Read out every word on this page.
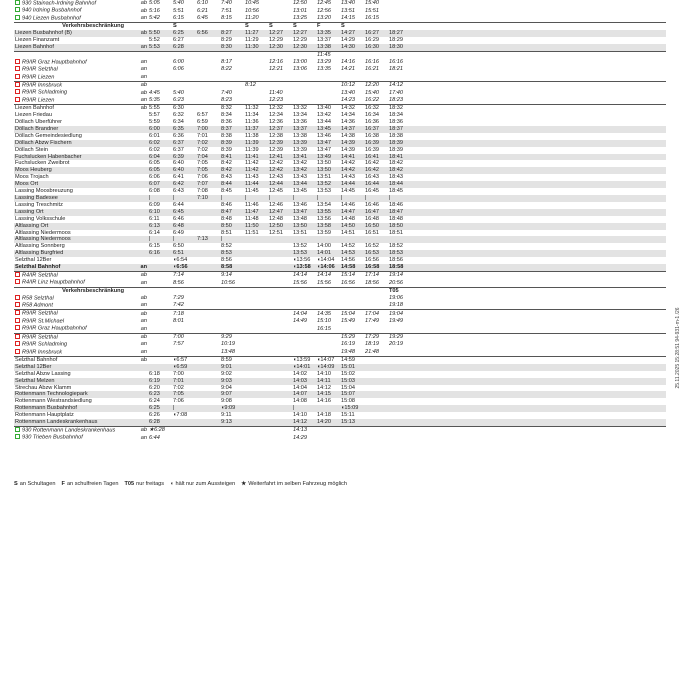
930 Stainach-Irdning Bahnhof	ab	5:05	5:40	6:10	7:40	10:45		12:50	12:45	13:40	15:40		
940 Irdning Busbahnhof	ab	5:16	5:51	6:21	7:51	10:56		13:01	12:56	13:51	15:51		
940 Liezen Busbahnhof	an	5:42	6:15	6:45	8:15	11:20		13:25	13:20	14:15	16:15		
Verkehrsbeschränkung			S			S	S	S	F	S			
Liezen Busbahnhof (B)	ab	5:50	6:25	6:56	8:27	11:27	12:27	12:27	13:35	14:27	16:27	18:27	
Liezen Finanzamt		5:52	6:27		8:29	11:29	12:29	12:29	13:37	14:29	16:29	18:29	
Liezen Bahnhof	an	5:53	6:28		8:30	11:30	12:30	12:30	13:38	14:30	16:30	18:30	
									11:45				
R9/IR Graz Hauptbahnhof	an		6:00		8:17		12:16	13:00	13:29	14:16	16:16	16:16	
R9/IR Selzthal	an		6:06		8:22		12:21	13:06	13:35	14:21	16:21	18:21	
R9/IR Liezen	an												
R9/IR Innsbruck	ab					8:12				10:12	12:20	14:12	
R9/IR Schladming	ab	4:45	5:40		7:40		11:40			13:40	15:40	17:40	
R9/IR Liezen	an	5:35	6:23		8:23		12:23			14:23	16:22	18:23	
Liezen Bahnhof	ab	5:55	6:30		8:32	11:32	12:32	13:32	13:40	14:32	16:32	18:32	
Liezen Friedau		5:57	6:32	6:57	8:34	11:34	12:34	13:34	13:42	14:34	16:34	18:34	
Döllach Überführer		5:59	6:34	6:59	8:36	11:36	12:36	13:36	13:44	14:36	16:36	18:36	
Döllach Brandner		6:00	6:35	7:00	8:37	11:37	12:37	13:37	13:45	14:37	16:37	18:37	
Döllach Gemeindesiedlung		6:01	6:36	7:01	8:38	11:38	12:38	13:38	13:46	14:38	16:38	18:38	
Döllach Abzw Fischern		6:02	6:37	7:02	8:39	11:39	12:39	13:39	13:47	14:39	16:39	18:39	
Döllach Stein		6:02	6:37	7:02	8:39	11:39	12:39	13:39	13:47	14:39	16:39	18:39	
Fuchslucken Habenbacher		6:04	6:39	7:04	8:41	11:41	12:41	13:41	13:49	14:41	16:41	18:41	
Fuchslucken Zweibrot		6:05	6:40	7:05	8:42	11:42	12:42	13:42	13:50	14:42	16:42	18:42	
Moos Heuberg		6:05	6:40	7:05	8:42	11:42	12:42	13:42	13:50	14:42	16:42	18:42	
Moos Trojach		6:06	6:41	7:06	8:43	11:43	12:43	13:43	13:51	14:43	16:43	18:43	
Moos Ort		6:07	6:42	7:07	8:44	11:44	12:44	13:44	13:52	14:44	16:44	18:44	
Lassing Moosbreuzung		6:08	6:43	7:08	8:45	11:45	12:45	13:45	13:53	14:45	16:45	18:45	
Lassing Badesee		|	|	7:10	|	|	|	|	|	|	|	|	
Lassing Treschmitz		6:09	6:44		8:46	11:46	12:46	13:46	13:54	14:46	16:46	18:46	
Lassing Ort		6:10	6:45		8:47	11:47	12:47	13:47	13:55	14:47	16:47	18:47	
Lassing Volksschule		6:11	6:46		8:48	11:48	12:48	13:48	13:56	14:48	16:48	18:48	
Altlassing Ort		6:13	6:48		8:50	11:50	12:50	13:50	13:58	14:50	16:50	18:50	
Altlassing Niedermoos		6:14	6:49		8:51	11:51	12:51	13:51	13:59	14:51	16:51	18:51	
Altlassing Niedermoos		|	|	7:13	|								
Altlassing Sonnberg		6:15	6:50		8:52			13:52	14:00	14:52	16:52	18:52	
Altlassing Burgfried		6:16	6:51		8:53			13:53	14:01	14:53	16:53	18:53	
Selzthal 12Ber			◖6:54		8:56			◖13:56	◖14:04	14:56	16:56	18:56	
Selzthal Bahnhof	an		◖6:56		8:58			◖13:58	◖14:06	14:58	16:58	18:58	
R4/IR Selzthal	ab		7:14		9:14			14:14	14:14	15:14	17:14	19:14	
R4/IR Linz Hauptbahnhof	an		8:56		10:56			15:56	15:56	16:56	18:56	20:56	
Verkehrsbeschränkung												T05	
R58 Selzthal	ab		7:29									19:06	
R58 Admont	an		7:42									19:18	
R9/IR Selzthal	ab		7:18					14:04	14:35	15:04	17:04	19:04	
R9/IR St.Michael	an		8:01					14:49	15:10	15:49	17:49	19:49	
R9/IR Graz Hauptbahnhof	an								16:15				
R9/IR Selzthal	ab		7:00		9:29					15:29	17:29	19:29	
R9/IR Schladming	an		7:57		10:19					16:19	18:19	20:19	
R9/IR Innsbruck	an				13:48					19:48	21:48		
Selzthal Bahnhof	ab		◖6:57		8:59			◖13:59	◖14:07	14:59			
Selzthal 12Ber			◖6:59		9:01			◖14:01	◖14:09	15:01			
Selzthal Abzw Lassing		6:18	7:00		9:02			14:02	14:10	15:02			
Selzthal Melzen		6:19	7:01		9:03			14:03	14:11	15:03			
Strechau Abzw Klamm		6:20	7:02		9:04			14:04	14:12	15:04			
Rottenmann Technologiepark		6:23	7:05		9:07			14:07	14:15	15:07			
Rottenmann Westrandsiedlung		6:24	7:06		9:08			14:08	14:16	15:08			
Rottenmann Busbahnhof		6:25	|		◖9:09			|		◖15:09			
Rottenmann Hauptplatz		6:26	◖7:08		9:11			14:10	14:18	15:11			
Rottenmann Landeskrankenhaus		6:28			9:13			14:12	14:20	15:13			
930 Rottenmann Landeskrankenhaus	ab	★6:28						14:13					
930 Trieben Busbahnhof	an	6:44						14:29					
S an Schultagen F an schulfreien Tagen T05 nur freitags ◖ hält nur zum Aussteigen ★ Weiterfahrt im selben Fahrzeug möglich
25.11.2025 15:28:51 94-931-m-1 /26
